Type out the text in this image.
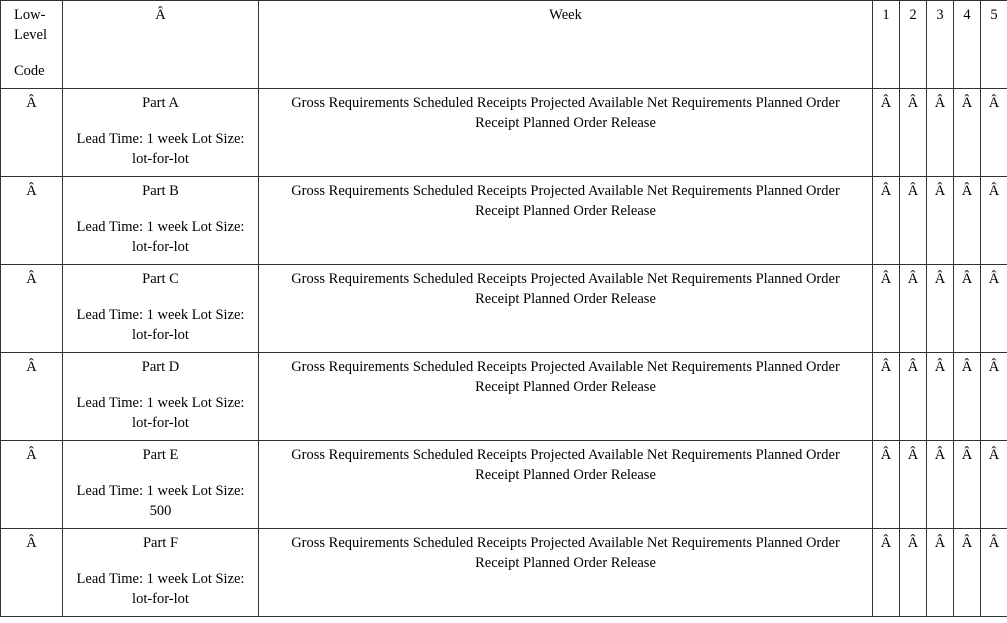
Low-
Level
Code	Â	Week	1	2	3	4	5
Â	Part A
Lead Time: 1 week Lot Size:
lot-for-lot	Gross Requirements Scheduled Receipts Projected Available Net Requirements Planned Order Receipt Planned Order Release	Â	Â	Â	Â	Â
Â	Part B
Lead Time: 1 week Lot Size:
lot-for-lot	Gross Requirements Scheduled Receipts Projected Available Net Requirements Planned Order Receipt Planned Order Release	Â	Â	Â	Â	Â
Â	Part C
Lead Time: 1 week Lot Size:
lot-for-lot	Gross Requirements Scheduled Receipts Projected Available Net Requirements Planned Order Receipt Planned Order Release	Â	Â	Â	Â	Â
Â	Part D
Lead Time: 1 week Lot Size:
lot-for-lot	Gross Requirements Scheduled Receipts Projected Available Net Requirements Planned Order Receipt Planned Order Release	Â	Â	Â	Â	Â
Â	Part E
Lead Time: 1 week Lot Size:
500	Gross Requirements Scheduled Receipts Projected Available Net Requirements Planned Order Receipt Planned Order Release	Â	Â	Â	Â	Â
Â	Part F
Lead Time: 1 week Lot Size:
lot-for-lot	Gross Requirements Scheduled Receipts Projected Available Net Requirements Planned Order Receipt Planned Order Release	Â	Â	Â	Â	Â
